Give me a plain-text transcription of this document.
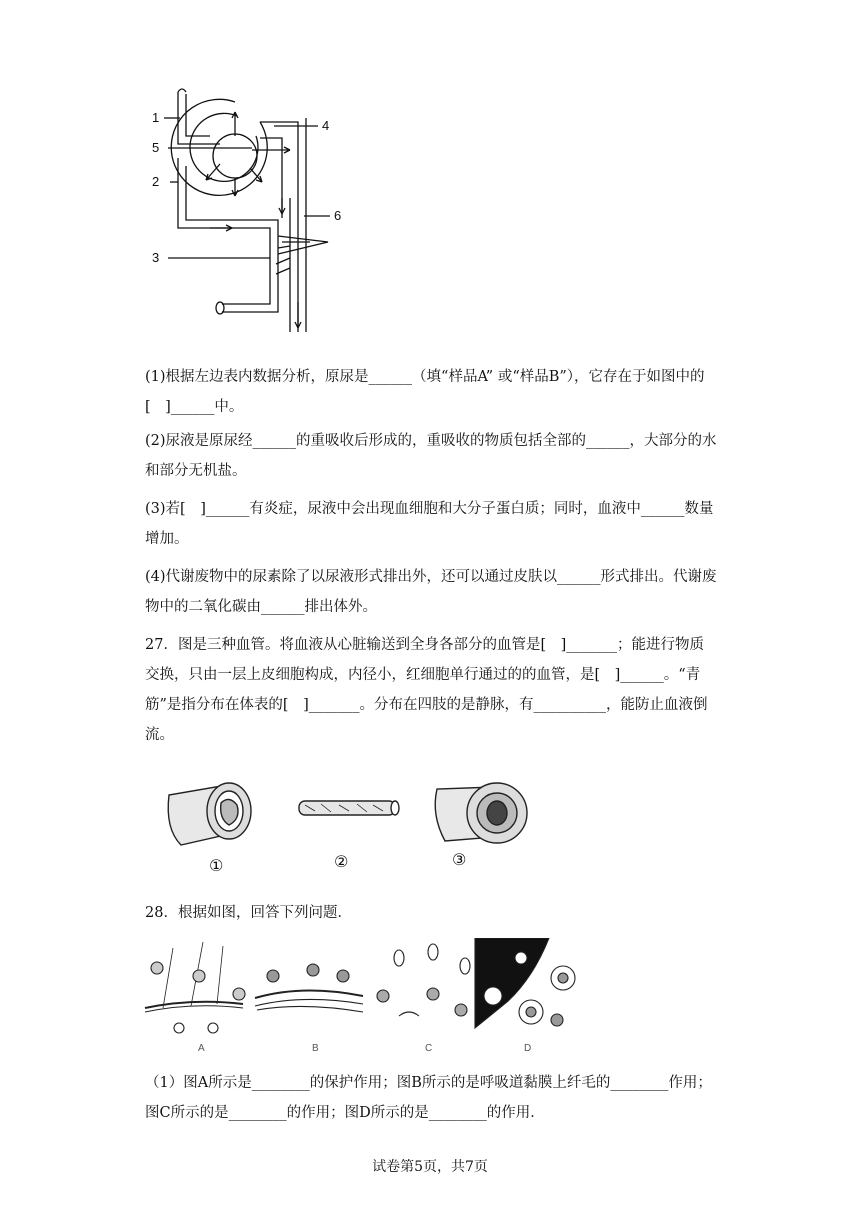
1
5
2
3
4
6

(1)根据左边表内数据分析，原尿是______（填“样品A” 或“样品B”），它存在于如图中的[　]______中。

(2)尿液是原尿经______的重吸收后形成的，重吸收的物质包括全部的______，大部分的水和部分无机盐。

(3)若[　]______有炎症，尿液中会出现血细胞和大分子蛋白质；同时，血液中______数量增加。

(4)代谢废物中的尿素除了以尿液形式排出外，还可以通过皮肤以______形式排出。代谢废物中的二氧化碳由______排出体外。

27．图是三种血管。将血液从心脏输送到全身各部分的血管是[　]_______；能进行物质交换，只由一层上皮细胞构成，内径小，红细胞单行通过的的血管，是[　]______。“青筋”是指分布在体表的[　]_______。分布在四肢的是静脉，有__________，能防止血液倒流。

①	②	③

28．根据如图，回答下列问题．

A	B	C	D

（1）图A所示是________的保护作用；图B所示的是呼吸道黏膜上纤毛的________作用；图C所示的是________的作用；图D所示的是________的作用．

试卷第5页，共7页
